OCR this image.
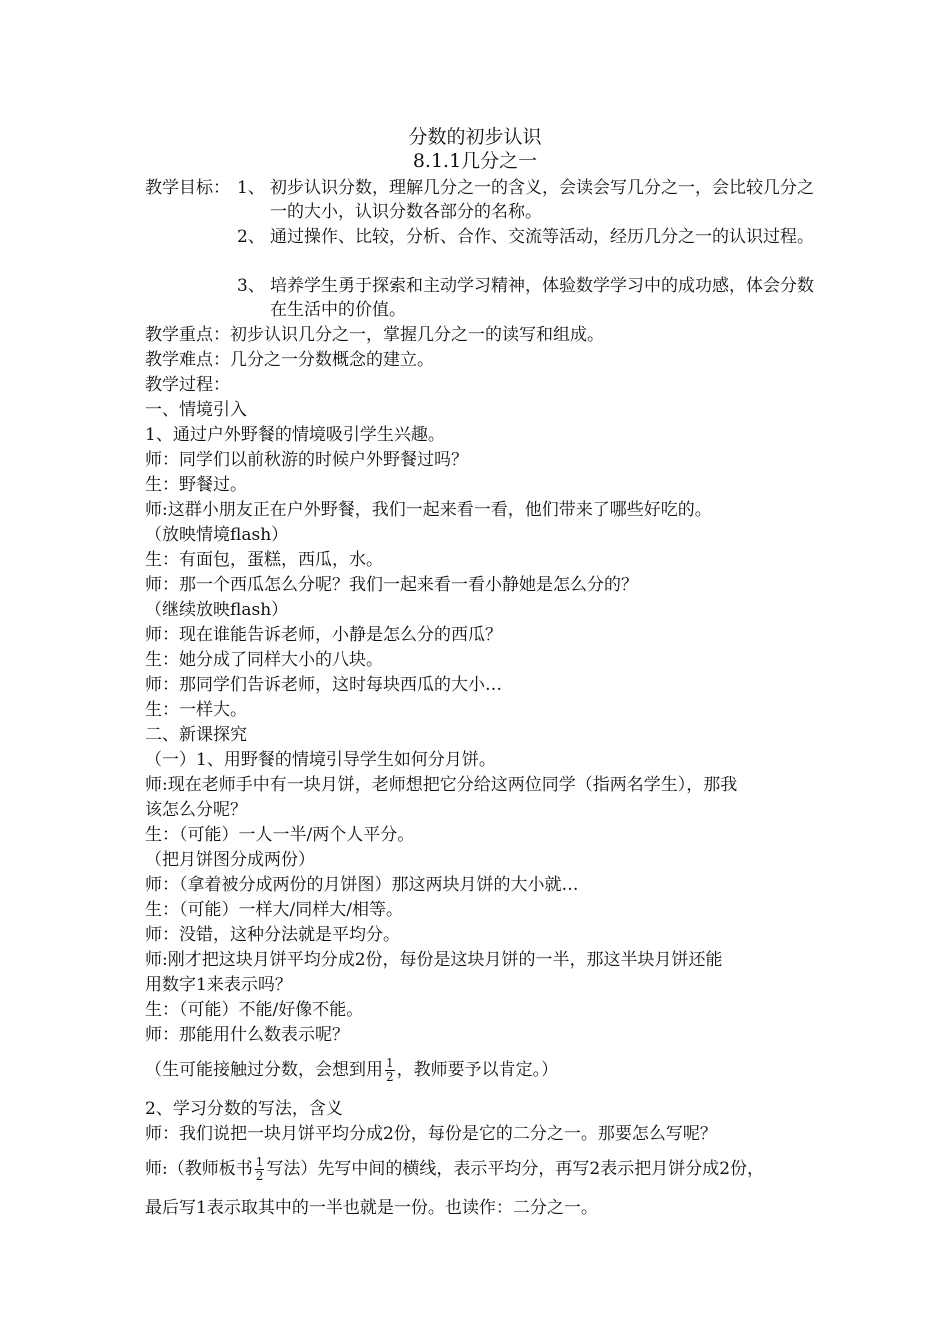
分数的初步认识
8.1.1几分之一
教学目标： 1、 初步认识分数，理解几分之一的含义，会读会写几分之一，会比较几分之一的大小，认识分数各部分的名称。
2、 通过操作、比较，分析、合作、交流等活动，经历几分之一的认识过程。
3、 培养学生勇于探索和主动学习精神，体验数学学习中的成功感，体会分数在生活中的价值。
教学重点：初步认识几分之一，掌握几分之一的读写和组成。
教学难点：几分之一分数概念的建立。
教学过程：
一、情境引入
1、通过户外野餐的情境吸引学生兴趣。
师：同学们以前秋游的时候户外野餐过吗？
生：野餐过。
师:这群小朋友正在户外野餐，我们一起来看一看，他们带来了哪些好吃的。
（放映情境flash）
生：有面包，蛋糕，西瓜，水。
师：那一个西瓜怎么分呢？我们一起来看一看小静她是怎么分的？
（继续放映flash）
师：现在谁能告诉老师，小静是怎么分的西瓜？
生：她分成了同样大小的八块。
师：那同学们告诉老师，这时每块西瓜的大小…
生：一样大。
二、新课探究
（一）1、用野餐的情境引导学生如何分月饼。
师:现在老师手中有一块月饼，老师想把它分给这两位同学（指两名学生），那我
该怎么分呢？
生：（可能）一人一半/两个人平分。
（把月饼图分成两份）
师：（拿着被分成两份的月饼图）那这两块月饼的大小就…
生：（可能）一样大/同样大/相等。
师：没错，这种分法就是平均分。
师:刚才把这块月饼平均分成2份，每份是这块月饼的一半，那这半块月饼还能
用数字1来表示吗？
生：（可能）不能/好像不能。
师：那能用什么数表示呢？
（生可能接触过分数，会想到用 $\frac{1}{2}$ ，教师要予以肯定。）
2、学习分数的写法，含义
师：我们说把一块月饼平均分成2份，每份是它的二分之一。那要怎么写呢？
师:（教师板书 $\frac{1}{2}$ 写法）先写中间的横线，表示平均分，再写2表示把月饼分成2份，
最后写1表示取其中的一半也就是一份。也读作：二分之一。
